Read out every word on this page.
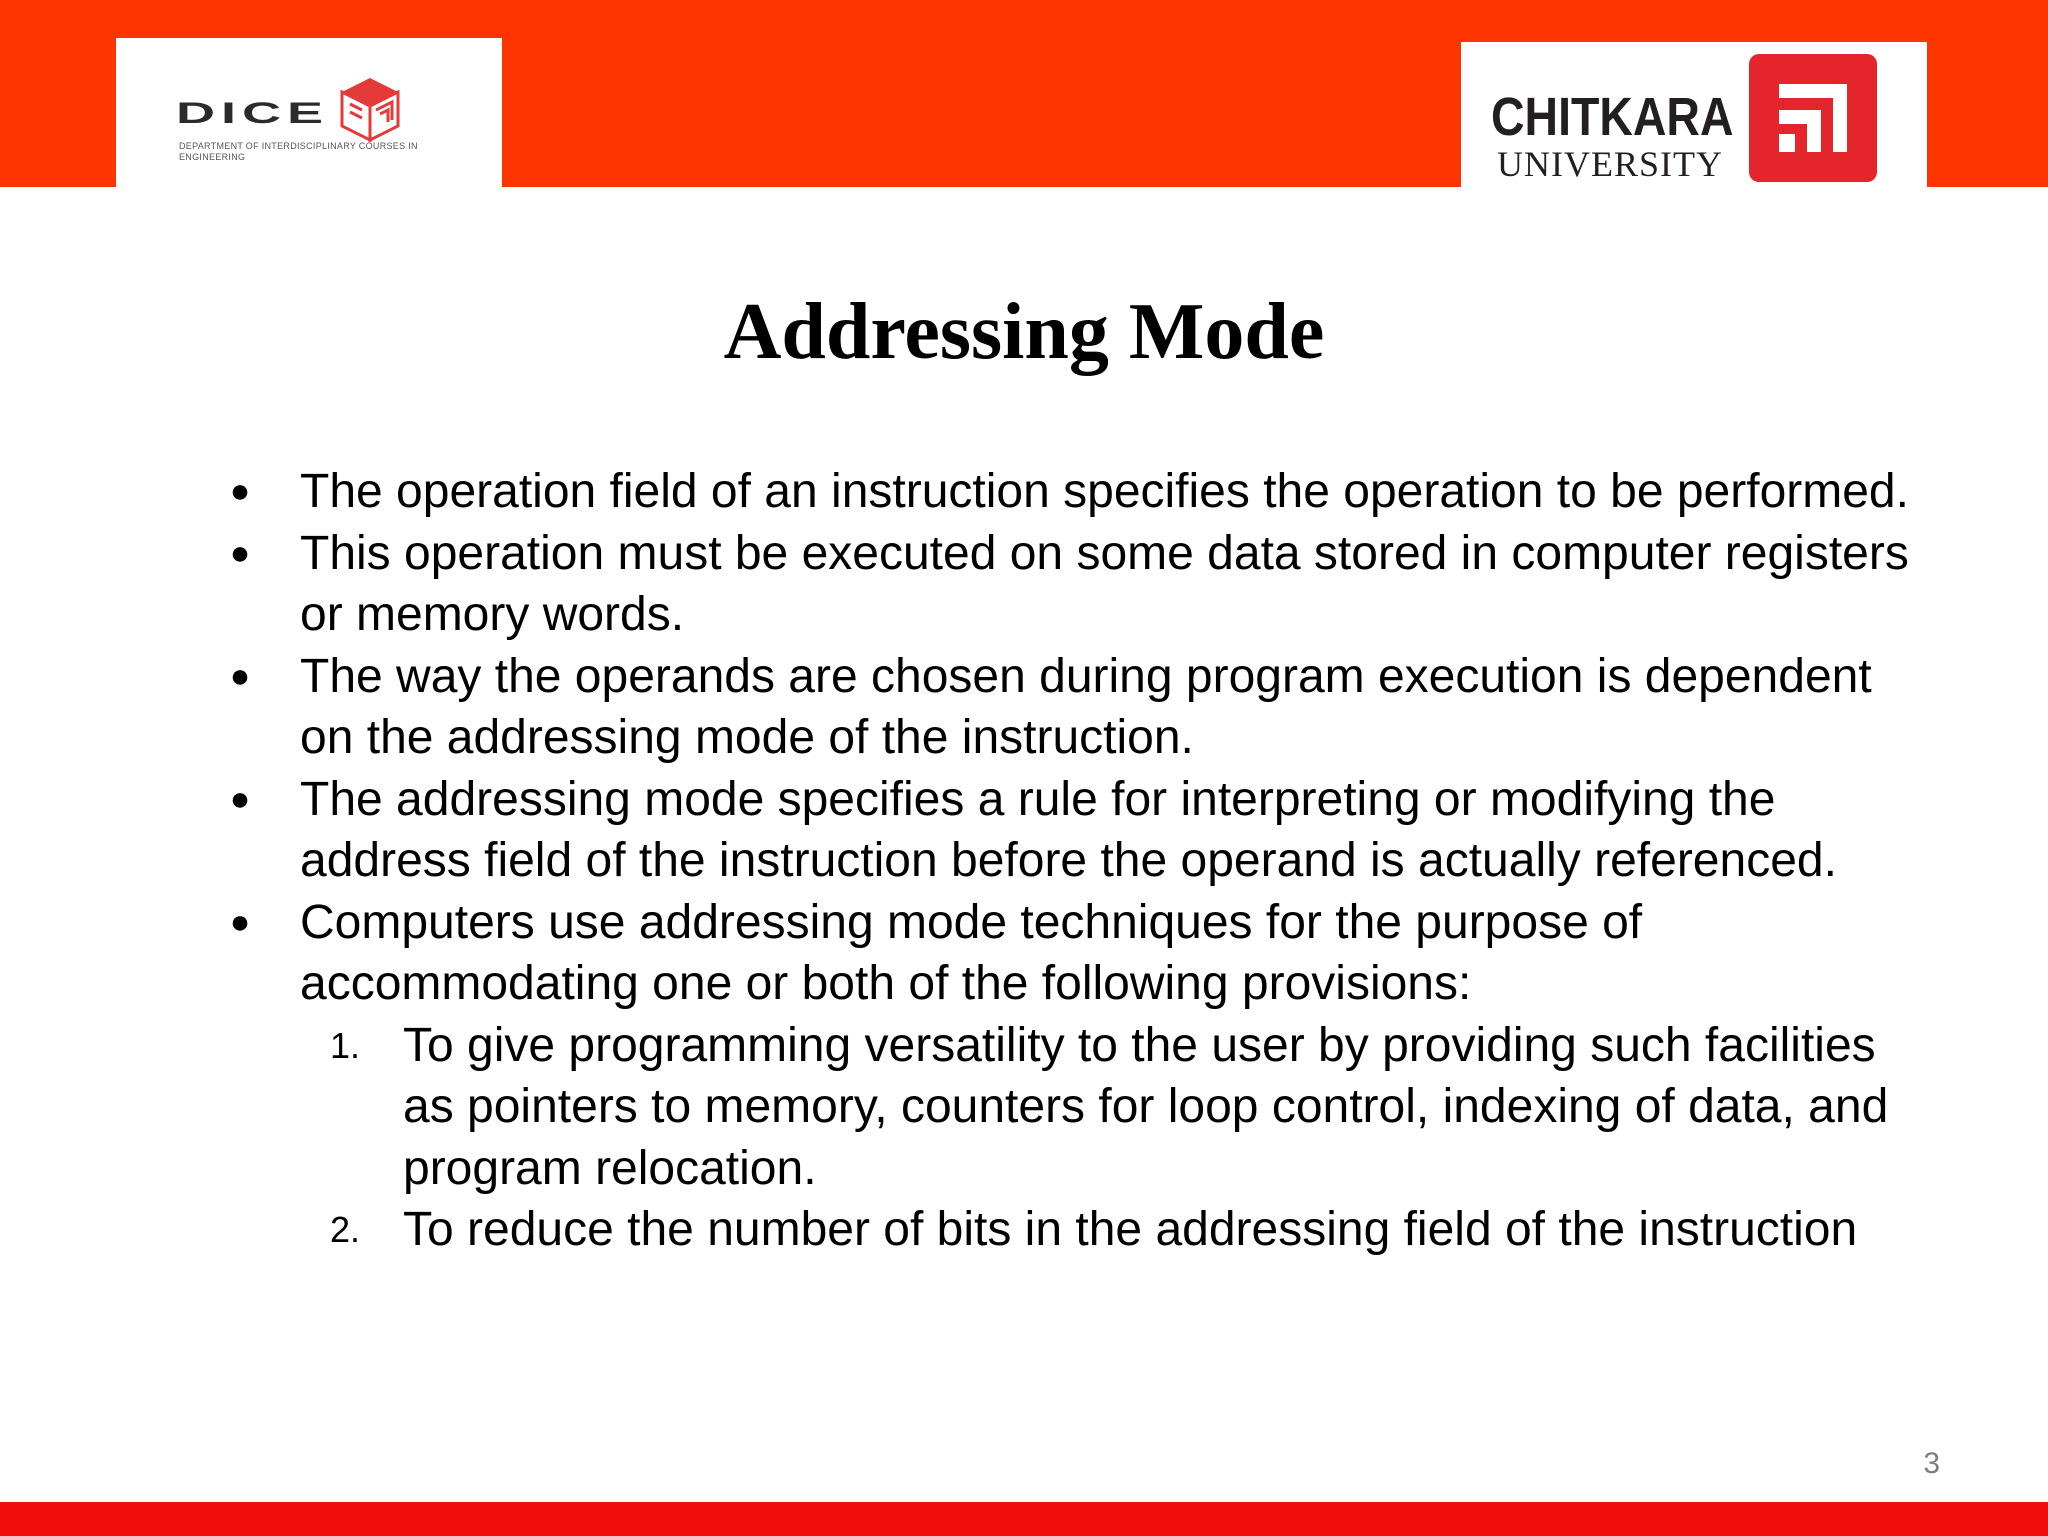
DICE
DEPARTMENT OF INTERDISCIPLINARY COURSES IN ENGINEERING
CHITKARA
UNIVERSITY
Addressing Mode
● The operation field of an instruction specifies the operation to be performed.
● This operation must be executed on some data stored in computer registers or memory words.
● The way the operands are chosen during program execution is dependent on the addressing mode of the instruction.
● The addressing mode specifies a rule for interpreting or modifying the address field of the instruction before the operand is actually referenced.
● Computers use addressing mode techniques for the purpose of accommodating one or both of the following provisions:
1. To give programming versatility to the user by providing such facilities as pointers to memory, counters for loop control, indexing of data, and program relocation.
2. To reduce the number of bits in the addressing field of the instruction
3
